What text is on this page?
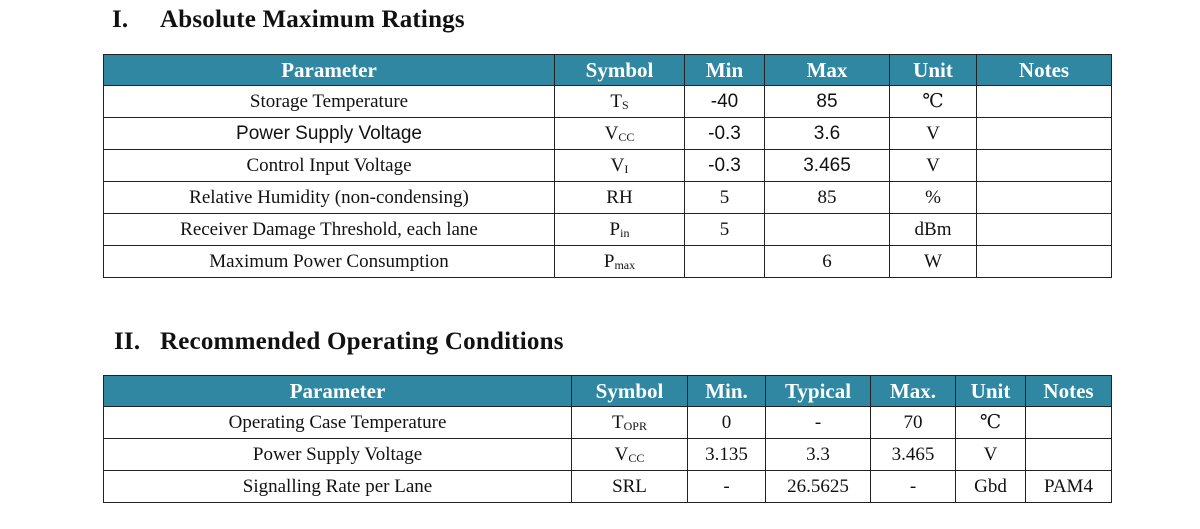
I. Absolute Maximum Ratings
Parameter	Symbol	Min	Max	Unit	Notes
Storage Temperature	$T_S$	-40	85	℃	
Power Supply Voltage	$V_{CC}$	-0.3	3.6	V	
Control Input Voltage	$V_I$	-0.3	3.465	V	
Relative Humidity (non-condensing)	RH	5	85	%	
Receiver Damage Threshold, each lane	$P_{in}$	5		dBm	
Maximum Power Consumption	$P_{max}$		6	W	
II. Recommended Operating Conditions
Parameter	Symbol	Min.	Typical	Max.	Unit	Notes
Operating Case Temperature	$T_{OPR}$	0	-	70	℃	
Power Supply Voltage	$V_{CC}$	3.135	3.3	3.465	V	
Signalling Rate per Lane	SRL	-	26.5625	-	Gbd	PAM4
